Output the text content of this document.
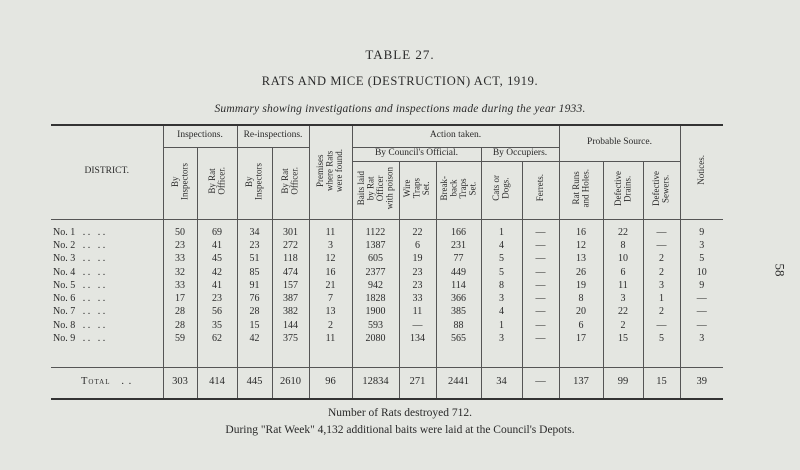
TABLE 27.
RATS AND MICE (DESTRUCTION) ACT, 1919.
Summary showing investigations and inspections made during the year 1933.
58
DISTRICT.	Inspections.		Re-inspections.		Premises
where Rats
were found.	Action taken.					Probable Source.			Notices.
	By
Inspectors	By Rat
Officer.	By
Inspectors	By Rat
Officer.		By Council's Official.			By Occupiers.					
						Baits laid
by Rat
Officer
with poison	Wire
Traps
Set.	Break-
back
Traps
Set.	Cats or
Dogs.	Ferrets.	Rat Runs
and Holes.	Defective
Drains.	Defective
Sewers.	

No. 1   . .   . .	50	69	34	301	11	1122	22	166	1	—	16	22	—	9
No. 2   . .   . .	23	41	23	272	3	1387	6	231	4	—	12	8	—	3
No. 3   . .   . .	33	45	51	118	12	605	19	77	5	—	13	10	2	5
No. 4   . .   . .	32	42	85	474	16	2377	23	449	5	—	26	6	2	10
No. 5   . .   . .	33	41	91	157	21	942	23	114	8	—	19	11	3	9
No. 6   . .   . .	17	23	76	387	7	1828	33	366	3	—	8	3	1	—
No. 7   . .   . .	28	56	28	382	13	1900	11	385	4	—	20	22	2	—
No. 8   . .   . .	28	35	15	144	2	593	—	88	1	—	6	2	—	—
No. 9   . .   . .	59	62	42	375	11	2080	134	565	3	—	17	15	5	3

Total   . .	303	414	445	2610	96	12834	271	2441	34	—	137	99	15	39

Number of Rats destroyed 712.
During "Rat Week" 4,132 additional baits were laid at the Council's Depots.
